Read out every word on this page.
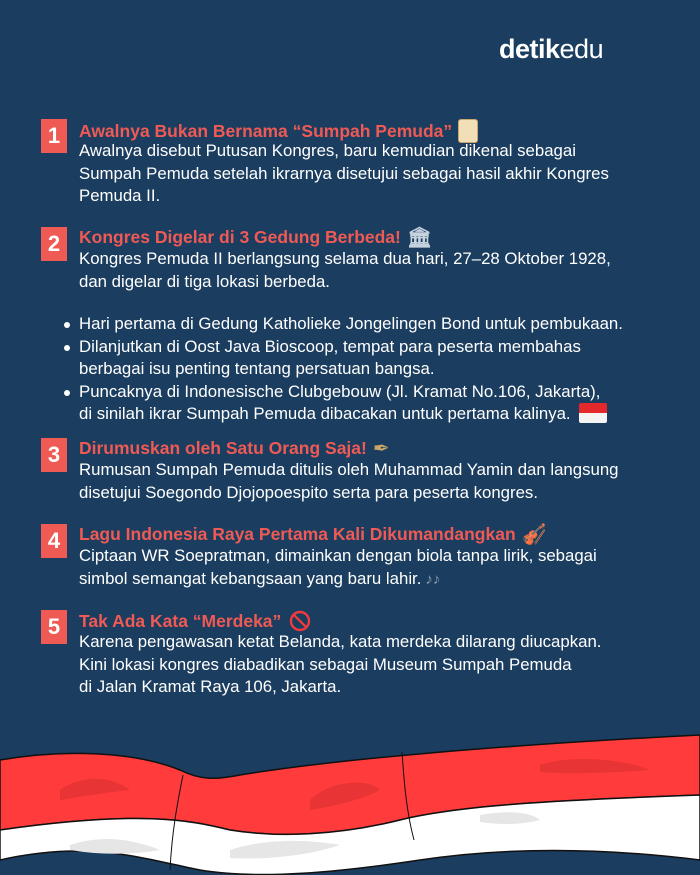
detikedu
1	Awalnya Bukan Bernama “Sumpah Pemuda”
Awalnya disebut Putusan Kongres, baru kemudian dikenal sebagai
Sumpah Pemuda setelah ikrarnya disetujui sebagai hasil akhir Kongres
Pemuda II.
2	Kongres Digelar di 3 Gedung Berbeda! 🏛
Kongres Pemuda II berlangsung selama dua hari, 27–28 Oktober 1928,
dan digelar di tiga lokasi berbeda.
Hari pertama di Gedung Katholieke Jongelingen Bond untuk pembukaan.
Dilanjutkan di Oost Java Bioscoop, tempat para peserta membahas
berbagai isu penting tentang persatuan bangsa.
Puncaknya di Indonesische Clubgebouw (Jl. Kramat No.106, Jakarta),
di sinilah ikrar Sumpah Pemuda dibacakan untuk pertama kalinya.
3	Dirumuskan oleh Satu Orang Saja! ✒
Rumusan Sumpah Pemuda ditulis oleh Muhammad Yamin dan langsung
disetujui Soegondo Djojopoespito serta para peserta kongres.
4	Lagu Indonesia Raya Pertama Kali Dikumandangkan 🎻
Ciptaan WR Soepratman, dimainkan dengan biola tanpa lirik, sebagai
simbol semangat kebangsaan yang baru lahir. ♪♪
5	Tak Ada Kata “Merdeka”
Karena pengawasan ketat Belanda, kata merdeka dilarang diucapkan.
Kini lokasi kongres diabadikan sebagai Museum Sumpah Pemuda
di Jalan Kramat Raya 106, Jakarta.
